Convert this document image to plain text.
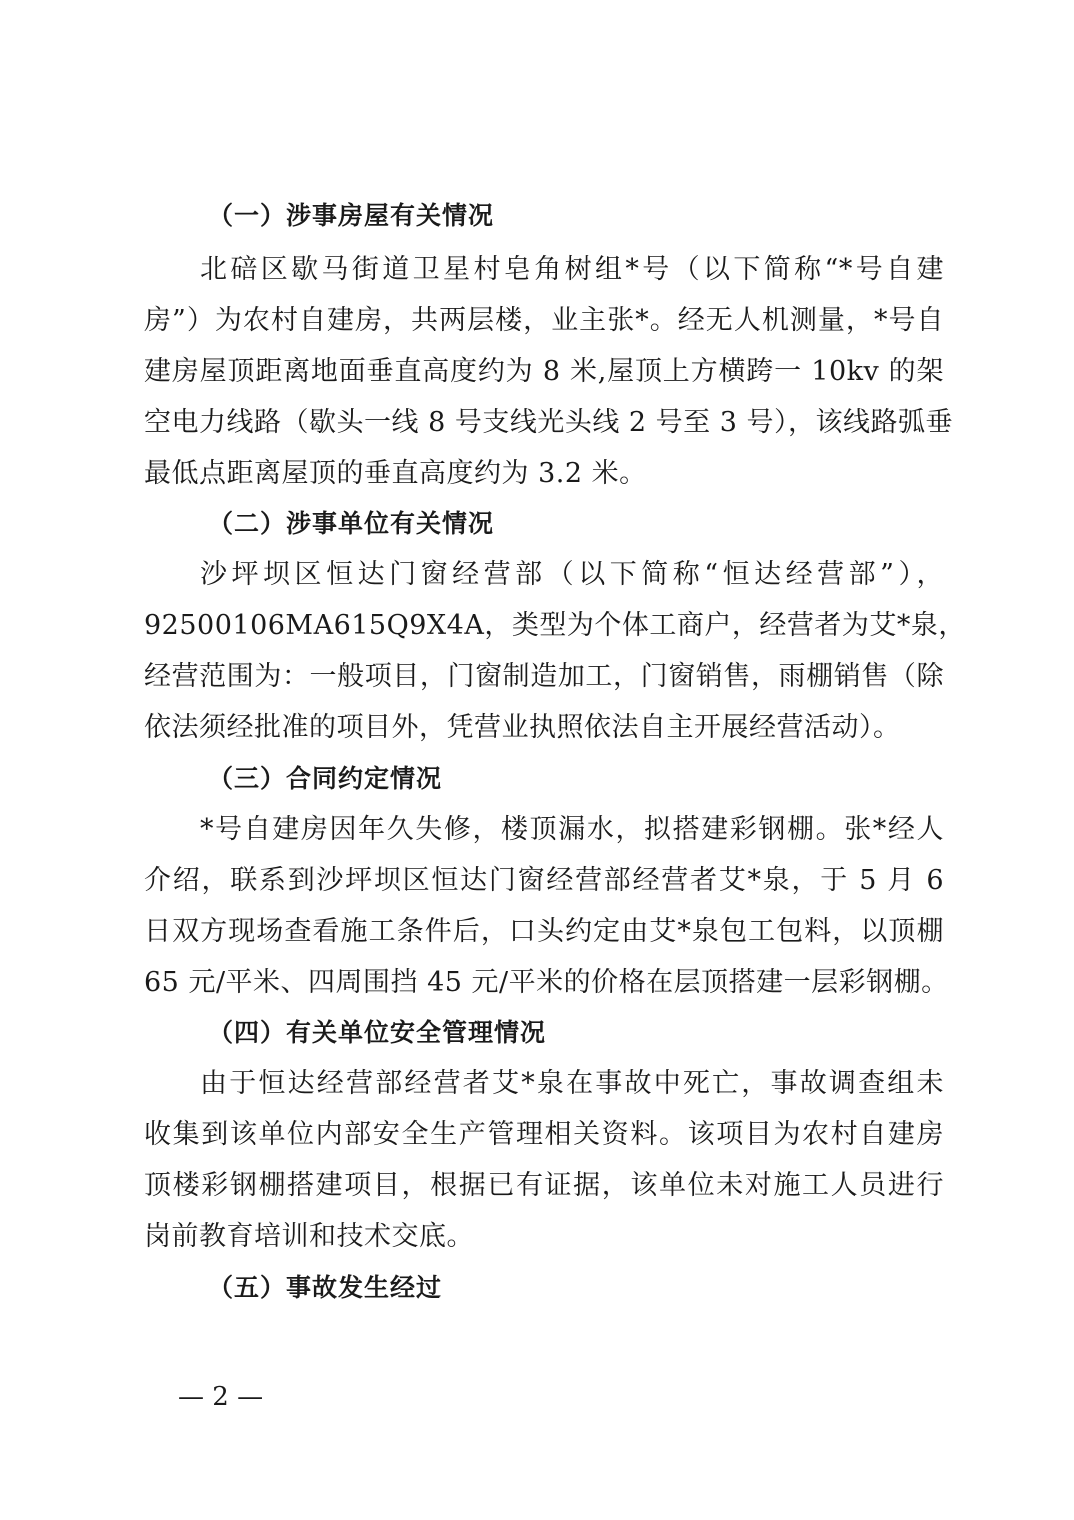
（一）涉事房屋有关情况
北碚区歇马街道卫星村皂角树组*号（以下简称“*号自建
房”）为农村自建房，共两层楼，业主张*。经无人机测量，*号自
建房屋顶距离地面垂直高度约为 8 米,屋顶上方横跨一 10kv 的架
空电力线路（歇头一线 8 号支线光头线 2 号至 3 号），该线路弧垂
最低点距离屋顶的垂直高度约为 3.2 米。
（二）涉事单位有关情况
沙坪坝区恒达门窗经营部（以下简称“恒达经营部”），
92500106MA615Q9X4A，类型为个体工商户，经营者为艾*泉，
经营范围为：一般项目，门窗制造加工，门窗销售，雨棚销售（除
依法须经批准的项目外，凭营业执照依法自主开展经营活动）。
（三）合同约定情况
*号自建房因年久失修，楼顶漏水，拟搭建彩钢棚。张*经人
介绍，联系到沙坪坝区恒达门窗经营部经营者艾*泉，于 5 月 6
日双方现场查看施工条件后，口头约定由艾*泉包工包料，以顶棚
65 元/平米、四周围挡 45 元/平米的价格在层顶搭建一层彩钢棚。
（四）有关单位安全管理情况
由于恒达经营部经营者艾*泉在事故中死亡，事故调查组未
收集到该单位内部安全生产管理相关资料。该项目为农村自建房
顶楼彩钢棚搭建项目，根据已有证据，该单位未对施工人员进行
岗前教育培训和技术交底。
（五）事故发生经过
— 2 —
